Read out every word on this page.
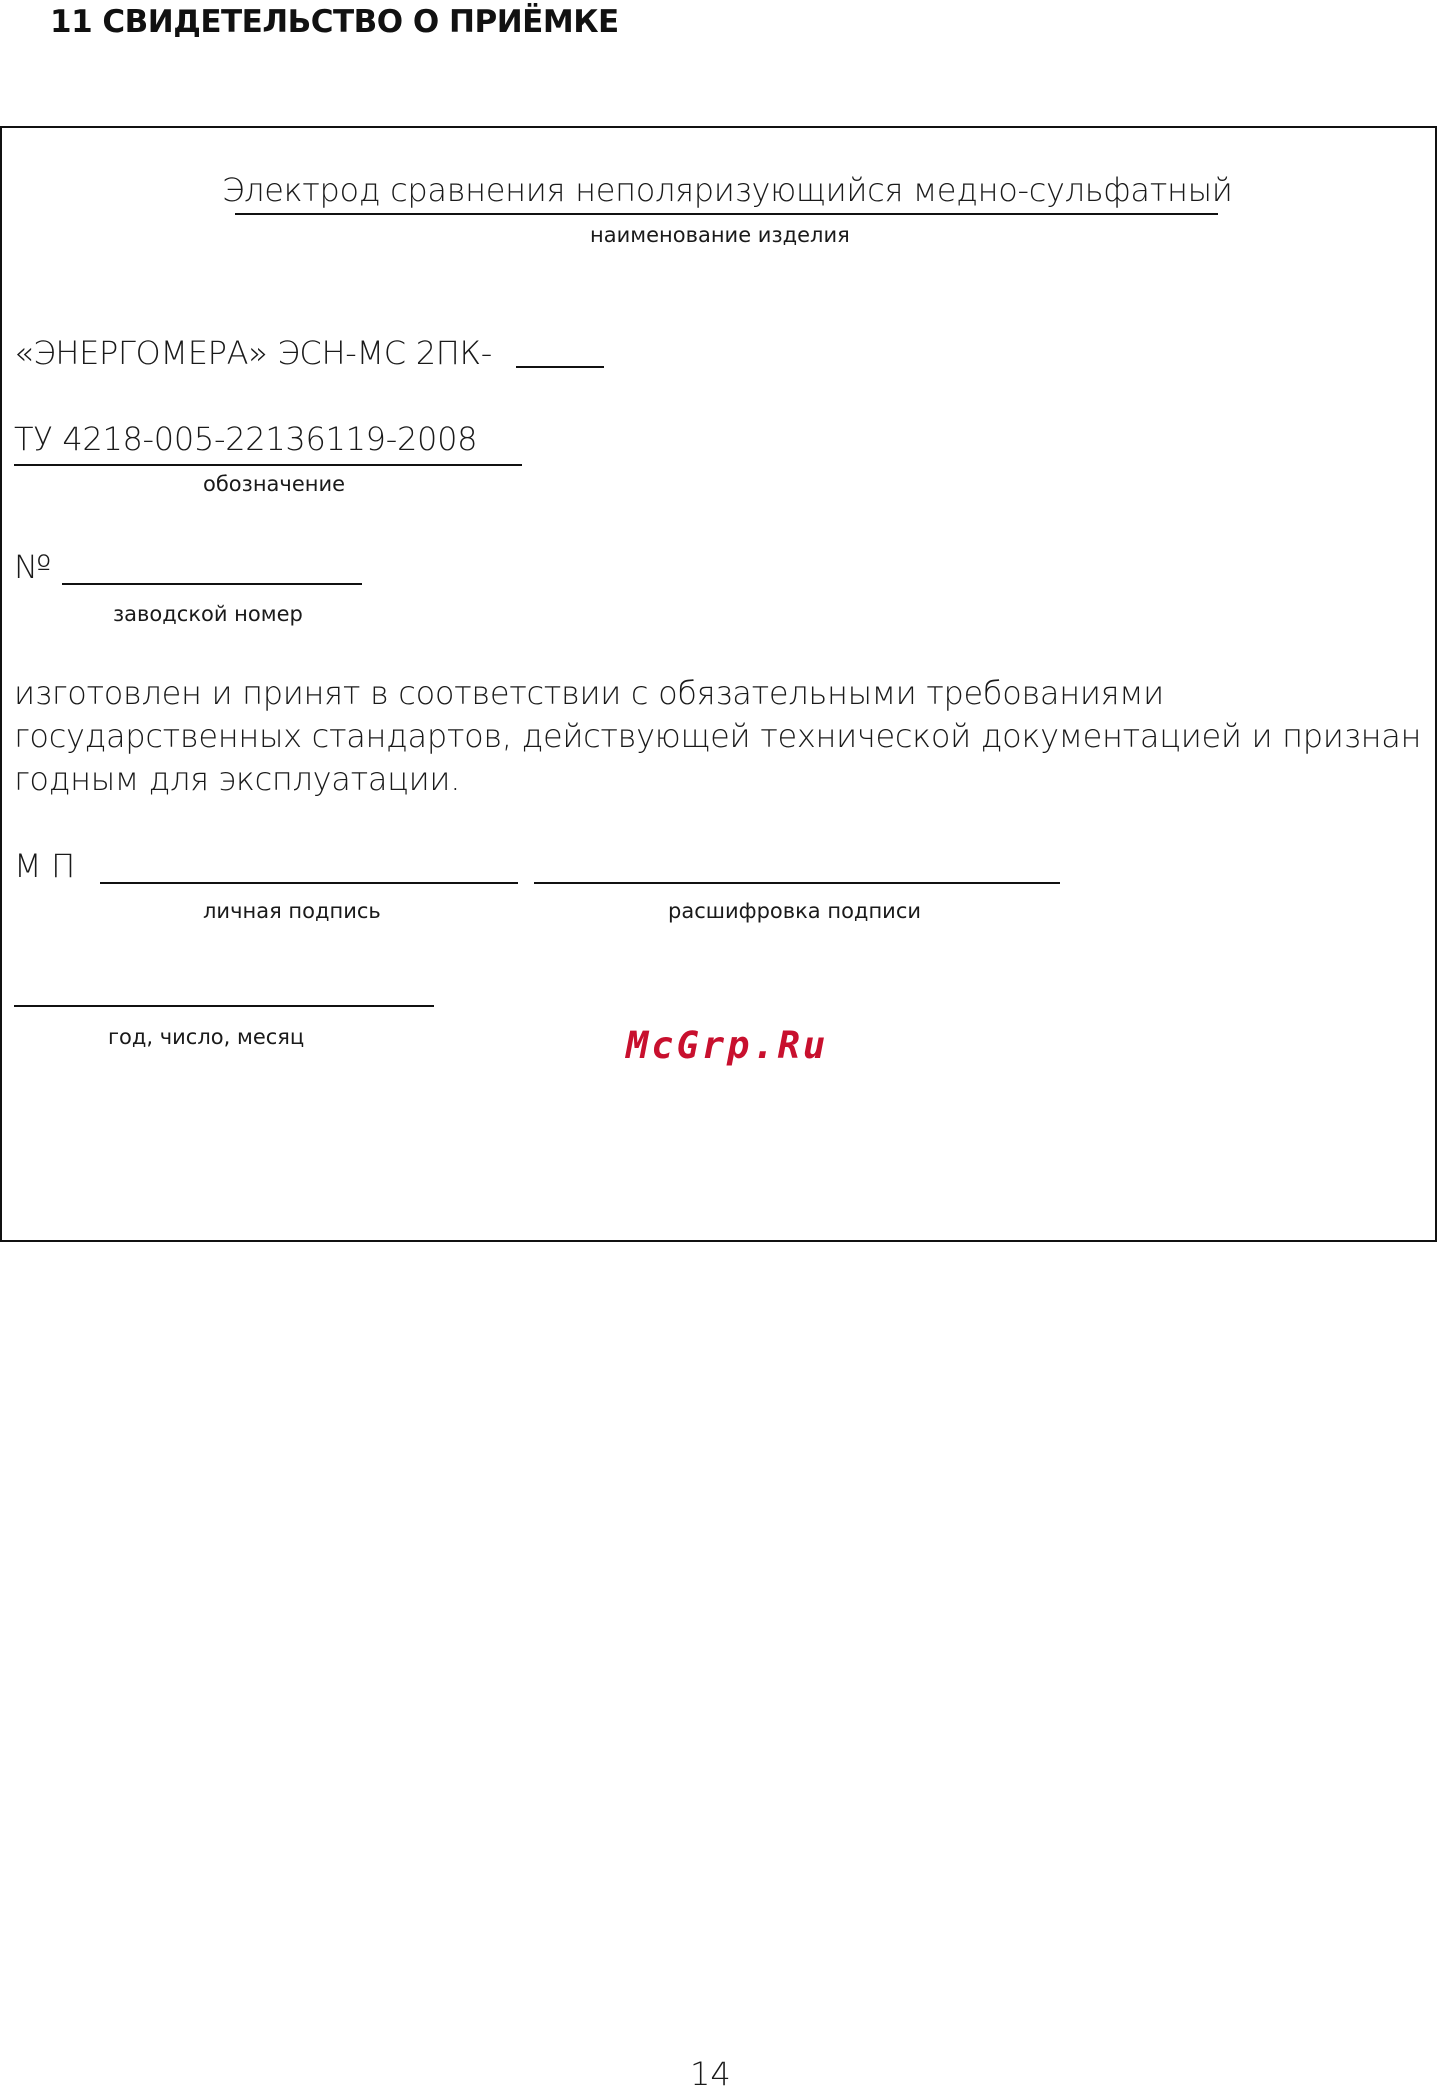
11 СВИДЕТЕЛЬСТВО О ПРИЁМКЕ
Электрод сравнения неполяризующийся медно-сульфатный
наименование изделия
«ЭНЕРГОМЕРА» ЭСН-МС 2ПК-
ТУ 4218-005-22136119-2008
обозначение
№
заводской номер
изготовлен и принят в соответствии с обязательными требованиями государственных стандартов, действующей технической документацией и признан годным для эксплуатации.
М П
личная подпись	расшифровка подписи
год, число, месяц	McGrp.Ru
14
